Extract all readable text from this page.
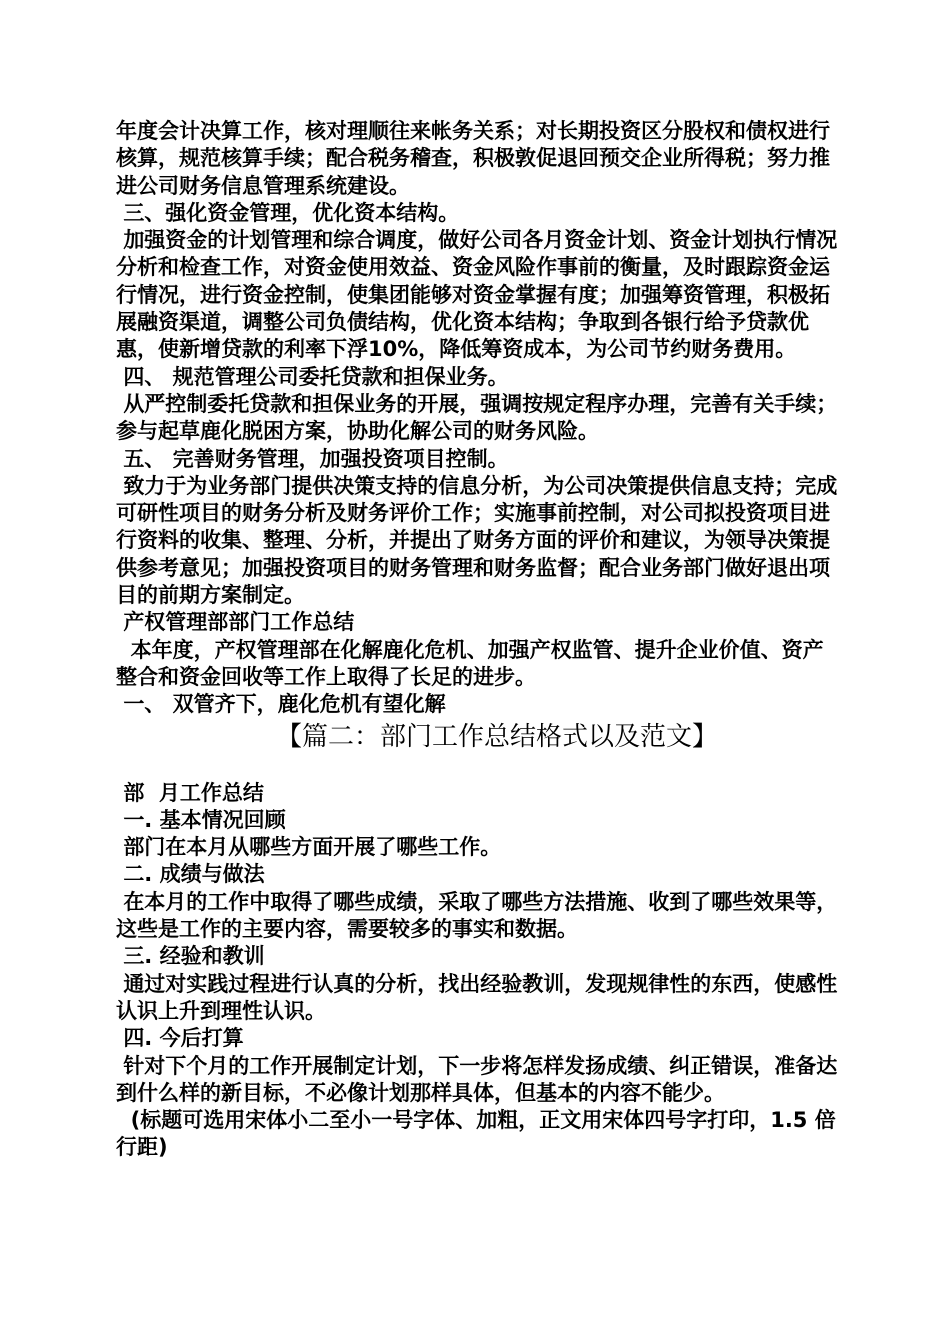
年度会计决算工作，核对理顺往来帐务关系；对长期投资区分股权和债权进行核算，规范核算手续；配合税务稽查，积极敦促退回预交企业所得税；努力推进公司财务信息管理系统建设。

三、强化资金管理，优化资本结构。

加强资金的计划管理和综合调度，做好公司各月资金计划、资金计划执行情况分析和检查工作，对资金使用效益、资金风险作事前的衡量，及时跟踪资金运行情况，进行资金控制，使集团能够对资金掌握有度；加强筹资管理，积极拓展融资渠道，调整公司负债结构，优化资本结构；争取到各银行给予贷款优惠，使新增贷款的利率下浮10%，降低筹资成本，为公司节约财务费用。

四、 规范管理公司委托贷款和担保业务。

从严控制委托贷款和担保业务的开展，强调按规定程序办理，完善有关手续；参与起草鹿化脱困方案，协助化解公司的财务风险。

五、 完善财务管理，加强投资项目控制。

致力于为业务部门提供决策支持的信息分析，为公司决策提供信息支持；完成可研性项目的财务分析及财务评价工作；实施事前控制，对公司拟投资项目进行资料的收集、整理、分析，并提出了财务方面的评价和建议，为领导决策提供参考意见；加强投资项目的财务管理和财务监督；配合业务部门做好退出项目的前期方案制定。

产权管理部部门工作总结

本年度，产权管理部在化解鹿化危机、加强产权监管、提升企业价值、资产整合和资金回收等工作上取得了长足的进步。

一、 双管齐下，鹿化危机有望化解

【篇二：部门工作总结格式以及范文】

部  月工作总结

一. 基本情况回顾

部门在本月从哪些方面开展了哪些工作。

二. 成绩与做法

在本月的工作中取得了哪些成绩，采取了哪些方法措施、收到了哪些效果等，这些是工作的主要内容，需要较多的事实和数据。

三. 经验和教训

通过对实践过程进行认真的分析，找出经验教训，发现规律性的东西，使感性认识上升到理性认识。

四. 今后打算

针对下个月的工作开展制定计划，下一步将怎样发扬成绩、纠正错误，准备达到什么样的新目标，不必像计划那样具体，但基本的内容不能少。

(标题可选用宋体小二至小一号字体、加粗，正文用宋体四号字打印，1.5 倍行距)
